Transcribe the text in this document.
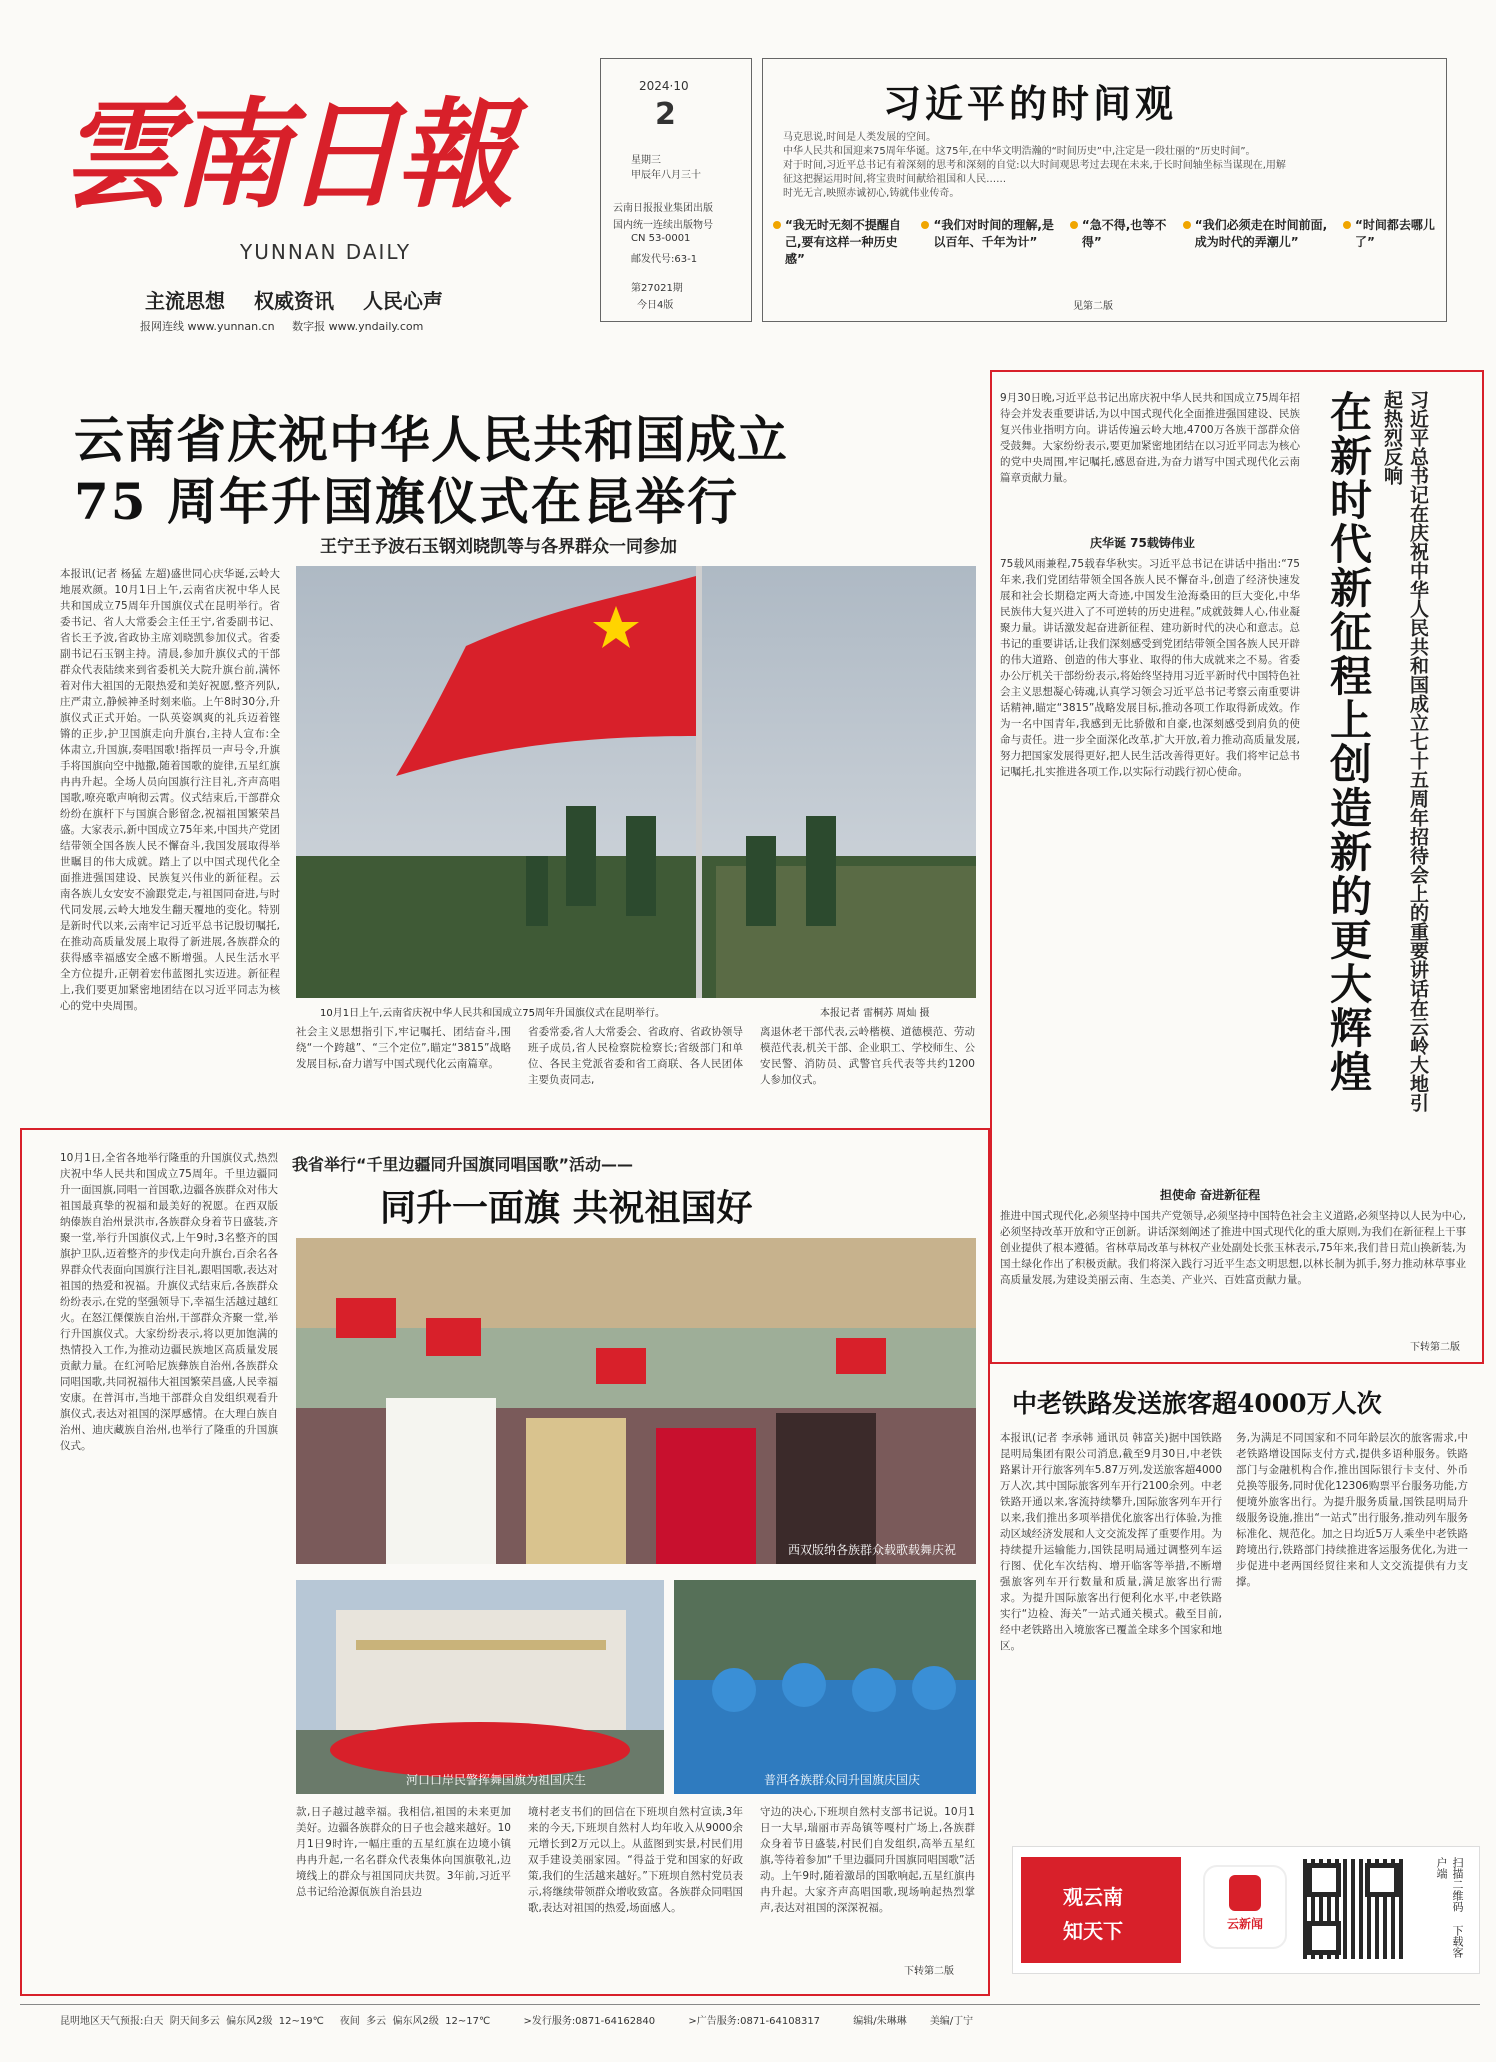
雲南日報
YUNNAN DAILY
主流思想 权威资讯 人民心声
报网连线 www.yunnan.cn     数字报 www.yndaily.com
2024·10
2
星期三
甲辰年八月三十
云南日报报业集团出版
国内统一连续出版物号
CN 53-0001
邮发代号:63-1
第27021期
今日4版
习近平的时间观
马克思说,时间是人类发展的空间。
中华人民共和国迎来75周年华诞。这75年,在中华文明浩瀚的“时间历史”中,注定是一段壮丽的“历史时间”。
对于时间,习近平总书记有着深刻的思考和深刻的自觉:以大时间观思考过去现在未来,于长时间轴坐标当谋现在,用解
征这把握运用时间,将宝贵时间献给祖国和人民……
时光无言,映照赤诚初心,铸就伟业传奇。
“我无时无刻不提醒自己,要有这样一种历史感”
“我们对时间的理解,是以百年、千年为计”
“急不得,也等不得”
“我们必须走在时间前面,成为时代的弄潮儿”
“时间都去哪儿了”
见第二版
云南省庆祝中华人民共和国成立
75 周年升国旗仪式在昆举行
王宁王予波石玉钢刘晓凯等与各界群众一同参加
本报讯(记者 杨猛 左超)盛世同心庆华诞,云岭大地展欢颜。10月1日上午,云南省庆祝中华人民共和国成立75周年升国旗仪式在昆明举行。省委书记、省人大常委会主任王宁,省委副书记、省长王予波,省政协主席刘晓凯参加仪式。省委副书记石玉钢主持。清晨,参加升旗仪式的干部群众代表陆续来到省委机关大院升旗台前,满怀着对伟大祖国的无限热爱和美好祝愿,整齐列队,庄严肃立,静候神圣时刻来临。上午8时30分,升旗仪式正式开始。一队英姿飒爽的礼兵迈着铿锵的正步,护卫国旗走向升旗台,主持人宣布:全体肃立,升国旗,奏唱国歌!指挥员一声号令,升旗手将国旗向空中抛撒,随着国歌的旋律,五星红旗冉冉升起。全场人员向国旗行注目礼,齐声高唱国歌,嘹亮歌声响彻云霄。仪式结束后,干部群众纷纷在旗杆下与国旗合影留念,祝福祖国繁荣昌盛。大家表示,新中国成立75年来,中国共产党团结带领全国各族人民不懈奋斗,我国发展取得举世瞩目的伟大成就。踏上了以中国式现代化全面推进强国建设、民族复兴伟业的新征程。云南各族儿女安安不渝跟党走,与祖国同奋进,与时代同发展,云岭大地发生翻天覆地的变化。特别是新时代以来,云南牢记习近平总书记殷切嘱托,在推动高质量发展上取得了新进展,各族群众的获得感幸福感安全感不断增强。人民生活水平全方位提升,正朝着宏伟蓝图扎实迈进。新征程上,我们要更加紧密地团结在以习近平同志为核心的党中央周围。
10月1日上午,云南省庆祝中华人民共和国成立75周年升国旗仪式在昆明举行。	本报记者 雷桐苏 周灿 摄
社会主义思想指引下,牢记嘱托、团结奋斗,围绕“一个跨越”、“三个定位”,瞄定“3815”战略发展目标,奋力谱写中国式现代化云南篇章。
省委常委,省人大常委会、省政府、省政协领导班子成员,省人民检察院检察长;省级部门和单位、各民主党派省委和省工商联、各人民团体主要负责同志,
离退休老干部代表,云岭楷模、道德模范、劳动模范代表,机关干部、企业职工、学校师生、公安民警、消防员、武警官兵代表等共约1200人参加仪式。	在新时代新征程上创造新的更大辉煌	习近平总书记在庆祝中华人民共和国成立七十五周年招待会上的重要讲话在云岭大地引起热烈反响
9月30日晚,习近平总书记出席庆祝中华人民共和国成立75周年招待会并发表重要讲话,为以中国式现代化全面推进强国建设、民族复兴伟业指明方向。讲话传遍云岭大地,4700万各族干部群众倍受鼓舞。大家纷纷表示,要更加紧密地团结在以习近平同志为核心的党中央周围,牢记嘱托,感恩奋进,为奋力谱写中国式现代化云南篇章贡献力量。
庆华诞 75载铸伟业
75载风雨兼程,75载春华秋实。习近平总书记在讲话中指出:“75年来,我们党团结带领全国各族人民不懈奋斗,创造了经济快速发展和社会长期稳定两大奇迹,中国发生沧海桑田的巨大变化,中华民族伟大复兴进入了不可逆转的历史进程。”成就鼓舞人心,伟业凝聚力量。讲话激发起奋进新征程、建功新时代的决心和意志。总书记的重要讲话,让我们深刻感受到党团结带领全国各族人民开辟的伟大道路、创造的伟大事业、取得的伟大成就来之不易。省委办公厅机关干部纷纷表示,将始终坚持用习近平新时代中国特色社会主义思想凝心铸魂,认真学习领会习近平总书记考察云南重要讲话精神,瞄定“3815”战略发展目标,推动各项工作取得新成效。作为一名中国青年,我感到无比骄傲和自豪,也深刻感受到肩负的使命与责任。进一步全面深化改革,扩大开放,着力推动高质量发展,努力把国家发展得更好,把人民生活改善得更好。我们将牢记总书记嘱托,扎实推进各项工作,以实际行动践行初心使命。
担使命 奋进新征程
推进中国式现代化,必须坚持中国共产党领导,必须坚持中国特色社会主义道路,必须坚持以人民为中心,必须坚持改革开放和守正创新。讲话深刻阐述了推进中国式现代化的重大原则,为我们在新征程上干事创业提供了根本遵循。省林草局改革与林权产业处副处长张玉林表示,75年来,我们昔日荒山换新装,为国土绿化作出了积极贡献。我们将深入践行习近平生态文明思想,以林长制为抓手,努力推动林草事业高质量发展,为建设美丽云南、生态美、产业兴、百姓富贡献力量。
下转第二版
中老铁路发送旅客超4000万人次
本报讯(记者 李承韩 通讯员 韩富关)据中国铁路昆明局集团有限公司消息,截至9月30日,中老铁路累计开行旅客列车5.87万列,发送旅客超4000万人次,其中国际旅客列车开行2100余列。中老铁路开通以来,客流持续攀升,国际旅客列车开行以来,我们推出多项举措优化旅客出行体验,为推动区域经济发展和人文交流发挥了重要作用。为持续提升运输能力,国铁昆明局通过调整列车运行图、优化车次结构、增开临客等举措,不断增强旅客列车开行数量和质量,满足旅客出行需求。为提升国际旅客出行便利化水平,中老铁路实行“边检、海关”一站式通关模式。截至目前,经中老铁路出入境旅客已覆盖全球多个国家和地区。
务,为满足不同国家和不同年龄层次的旅客需求,中老铁路增设国际支付方式,提供多语种服务。铁路部门与金融机构合作,推出国际银行卡支付、外币兑换等服务,同时优化12306购票平台服务功能,方便境外旅客出行。为提升服务质量,国铁昆明局升级服务设施,推出“一站式”出行服务,推动列车服务标准化、规范化。加之日均近5万人乘坐中老铁路跨境出行,铁路部门持续推进客运服务优化,为进一步促进中老两国经贸往来和人文交流提供有力支撑。
观云南
知天下	云新闻	扫描二维码 下载客户端
我省举行“千里边疆同升国旗同唱国歌”活动——
同升一面旗 共祝祖国好
10月1日,全省各地举行隆重的升国旗仪式,热烈庆祝中华人民共和国成立75周年。千里边疆同升一面国旗,同唱一首国歌,边疆各族群众对伟大祖国最真挚的祝福和最美好的祝愿。在西双版纳傣族自治州景洪市,各族群众身着节日盛装,齐聚一堂,举行升国旗仪式,上午9时,3名整齐的国旗护卫队,迈着整齐的步伐走向升旗台,百余名各界群众代表面向国旗行注目礼,跟唱国歌,表达对祖国的热爱和祝福。升旗仪式结束后,各族群众纷纷表示,在党的坚强领导下,幸福生活越过越红火。在怒江傈僳族自治州,干部群众齐聚一堂,举行升国旗仪式。大家纷纷表示,将以更加饱满的热情投入工作,为推动边疆民族地区高质量发展贡献力量。在红河哈尼族彝族自治州,各族群众同唱国歌,共同祝福伟大祖国繁荣昌盛,人民幸福安康。在普洱市,当地干部群众自发组织观看升旗仪式,表达对祖国的深厚感情。在大理白族自治州、迪庆藏族自治州,也举行了隆重的升国旗仪式。
西双版纳各族群众载歌载舞庆祝
河口口岸民警挥舞国旗为祖国庆生	普洱各族群众同升国旗庆国庆
款,日子越过越幸福。我相信,祖国的未来更加美好。边疆各族群众的日子也会越来越好。10月1日9时许,一幅庄重的五星红旗在边境小镇冉冉升起,一名名群众代表集体向国旗敬礼,边境线上的群众与祖国同庆共贺。3年前,习近平总书记给沧源佤族自治县边
境村老支书们的回信在下班坝自然村宣读,3年来的今天,下班坝自然村人均年收入从9000余元增长到2万元以上。从蓝图到实景,村民们用双手建设美丽家园。“得益于党和国家的好政策,我们的生活越来越好。”下班坝自然村党员表示,将继续带领群众增收致富。各族群众同唱国歌,表达对祖国的热爱,场面感人。
守边的决心,下班坝自然村支部书记说。10月1日一大早,瑞丽市弄岛镇等嘎村广场上,各族群众身着节日盛装,村民们自发组织,高举五星红旗,等待着参加“千里边疆同升国旗同唱国歌”活动。上午9时,随着激昂的国歌响起,五星红旗冉冉升起。大家齐声高唱国歌,现场响起热烈掌声,表达对祖国的深深祝福。
下转第二版
昆明地区天气预报:白天  阴天间多云  偏东风2级  12~19℃     夜间  多云  偏东风2级  12~17℃	>发行服务:0871-64162840	>广告服务:0871-64108317	编辑/朱琳琳 美编/丁宁
